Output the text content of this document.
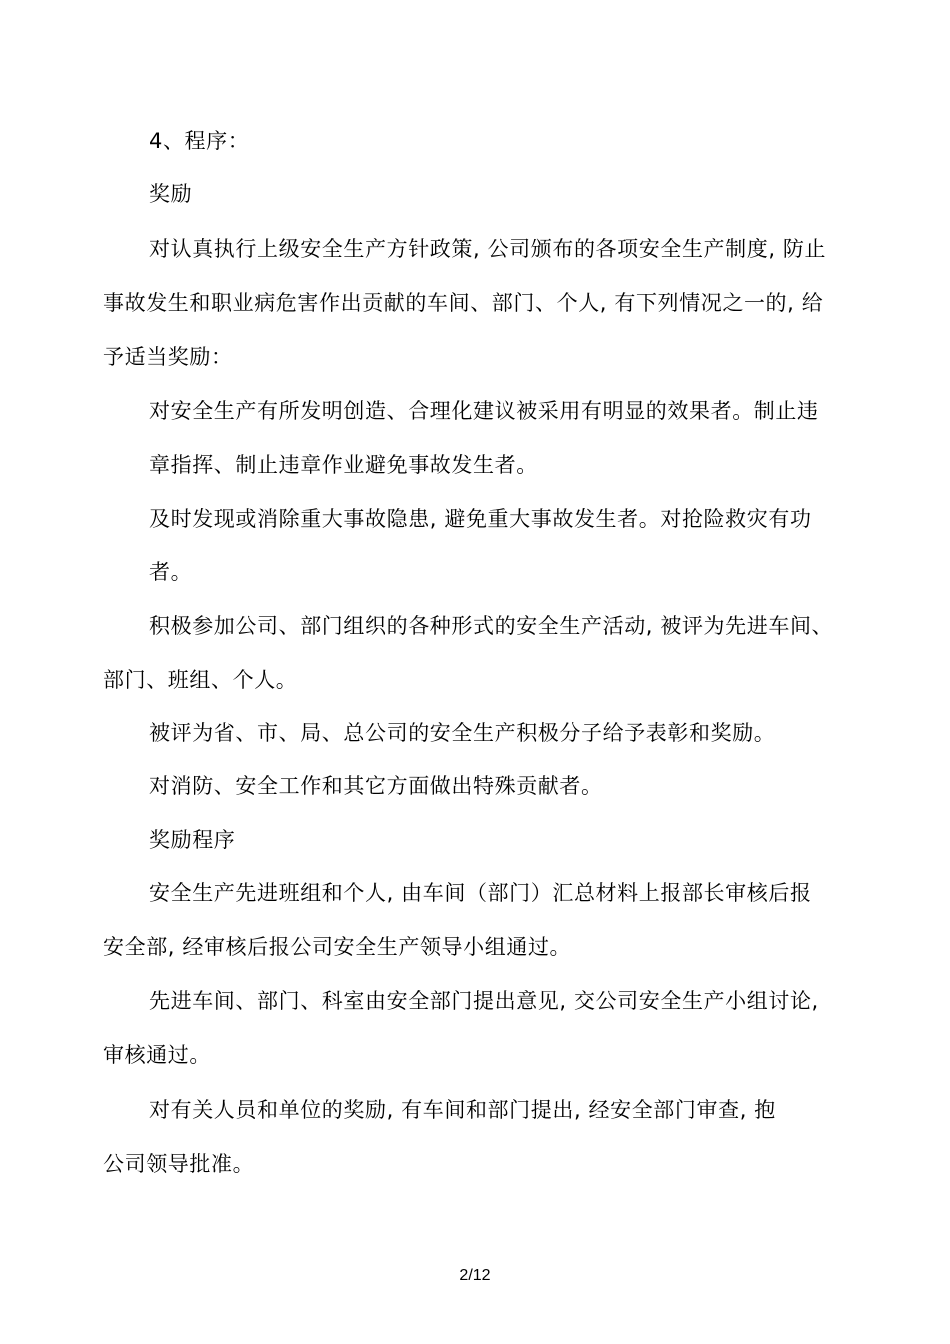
4、程序：
奖励
对认真执行上级安全生产方针政策, 公司颁布的各项安全生产制度, 防止
事故发生和职业病危害作出贡献的车间、部门、个人, 有下列情况之一的, 给
予适当奖励：
对安全生产有所发明创造、合理化建议被采用有明显的效果者。制止违
章指挥、制止违章作业避免事故发生者。
及时发现或消除重大事故隐患, 避免重大事故发生者。对抢险救灾有功
者。
积极参加公司、部门组织的各种形式的安全生产活动, 被评为先进车间、
部门、班组、个人。
被评为省、市、局、总公司的安全生产积极分子给予表彰和奖励。
对消防、安全工作和其它方面做出特殊贡献者。
奖励程序
安全生产先进班组和个人, 由车间（部门）汇总材料上报部长审核后报
安全部, 经审核后报公司安全生产领导小组通过。
先进车间、部门、科室由安全部门提出意见, 交公司安全生产小组讨论,
审核通过。
对有关人员和单位的奖励, 有车间和部门提出, 经安全部门审查, 抱
公司领导批准。
2/12
